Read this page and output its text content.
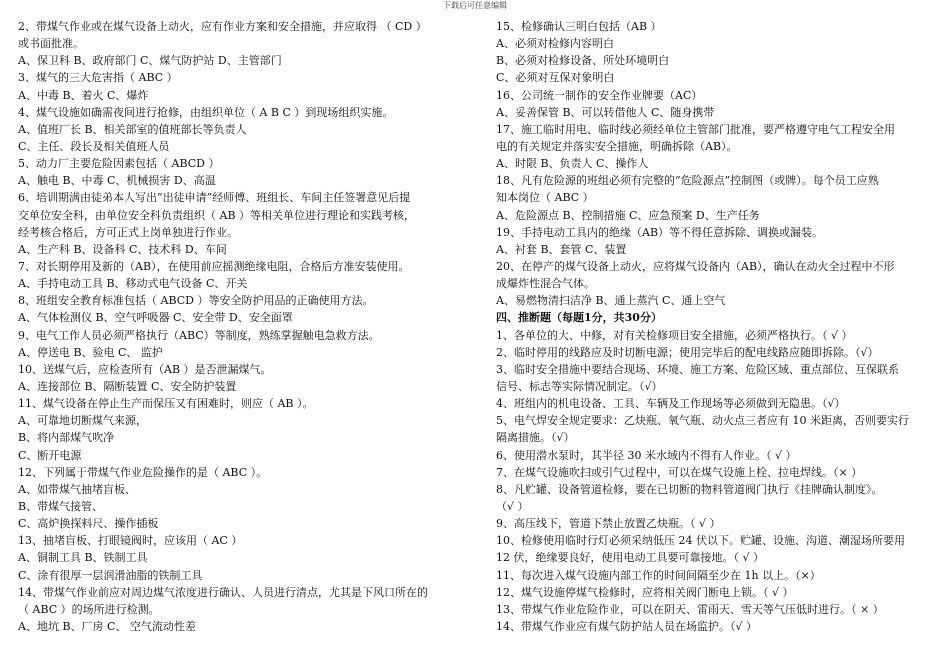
下载后可任意编辑
2、带煤气作业或在煤气设备上动火，应有作业方案和安全措施，并应取得 （ CD ）
或书面批准。
A、保卫科 B、政府部门 C、煤气防护站 D、主管部门
3、煤气的三大危害指（ ABC ）
A、中毒 B、着火 C、爆炸
4、煤气设施如确需夜间进行抢修，由组织单位（ A B C ）到现场组织实施。
A、值班厂长 B、相关部室的值班部长等负责人
C、主任、段长及相关值班人员
5、动力厂主要危险因素包括（ ABCD ）
A、触电 B、中毒 C、机械损害 D、高温
6、培训期满由徒弟本人写出“出徒申请”经师傅、班组长、车间主任签署意见后提
交单位安全科，由单位安全科负责组织（ AB ）等相关单位进行理论和实践考核，
经考核合格后，方可正式上岗单独进行作业。
A、生产科 B、设备科 C、技术科 D、车间
7、对长期停用及新的（AB），在使用前应摇测绝缘电阻，合格后方准安装使用。
A、手持电动工具 B、移动式电气设备 C、开关
8、班组安全教育标准包括（ ABCD ）等安全防护用品的正确使用方法。
A、气体检测仪 B、空气呼吸器 C、安全带 D、安全面罩
9、电气工作人员必须严格执行（ABC）等制度，熟练掌握触电急救方法。
A、停送电 B、验电 C、 监护
10、送煤气后，应检查所有（AB ）是否泄漏煤气。
A、连接部位 B、隔断装置 C、安全防护装置
11、煤气设备在停止生产而保压又有困难时，则应（ AB ）。
A、可靠地切断煤气来源，
B、将内部煤气吹净
C、断开电源
12、下列属于带煤气作业危险操作的是（ ABC ）。
A、如带煤气抽堵盲板、
B、带煤气接管、
C、高炉换探料尺、操作插板
13、抽堵盲板、打眼镜阀时，应该用（ AC ）
A、铜制工具 B、铁制工具
C、涂有很厚一层润滑油脂的铁制工具
14、带煤气作业前应对周边煤气浓度进行确认、人员进行清点，尤其是下风口所在的
（ ABC ）的场所进行检测。
A、地坑 B、厂房 C、 空气流动性差
15、检修确认三明白包括（AB ）
A、必须对检修内容明白
B、必须对检修设备、所处环境明白
C、必须对互保对象明白
16、公司统一制作的安全作业牌要（AC）
A、妥善保管 B、可以转借他人 C、随身携带
17、施工临时用电、临时线必须经单位主管部门批准，要严格遵守电气工程安全用
电的有关规定并落实安全措施，明确拆除（AB）。
A、时限 B、负责人 C、操作人
18、凡有危险源的班组必须有完整的“危险源点”控制图（或牌）。每个员工应熟
知本岗位（ ABC ）
A、危险源点 B、控制措施 C、应急预案 D、生产任务
19、手持电动工具内的绝缘（AB）等不得任意拆除、调换或漏装。
A、衬套 B、套管 C、装置
20、在停产的煤气设备上动火，应将煤气设备内（AB），确认在动火全过程中不形
成爆炸性混合气体。
A、易燃物清扫洁净 B、通上蒸汽 C、通上空气
四、推断题（每题1分，共30分）
1、各单位的大、中修，对有关检修项目安全措施，必须严格执行。（ √ ）
2、临时停用的线路应及时切断电源；使用完毕后的配电线路应随即拆除。（√）
3、临时安全措施中要结合现场、环境、施工方案、危险区域、重点部位、互保联系
信号、标志等实际情况制定。（√）
4、班组内的机电设备、工具、车辆及工作现场等必须做到无隐患。（√）
5、电气焊安全规定要求：乙炔瓶、氧气瓶、动火点三者应有 10 米距离，否则要实行
隔离措施。（√）
6、使用潜水泵时，其半径 30 米水域内不得有人作业。（ √ ）
7、在煤气设施吹扫或引气过程中，可以在煤气设施上栓、拉电焊线。（× ）
8、凡贮罐、设备管道检修，要在已切断的物料管道阀门执行《挂牌确认制度》。
（√ ）
9、高压线下，管道下禁止放置乙炔瓶。（ √ ）
10、检修使用临时行灯必须采纳低压 24 伏以下。贮罐、设施、沟道、潮湿场所要用
12 伏，绝缘要良好，使用电动工具要可靠接地。（ √ ）
11、每次进入煤气设施内部工作的时间间隔至少在 1h 以上。（×）
12、煤气设施停煤气检修时，应将相关阀门断电上锁。（ √ ）
13、带煤气作业危险作业，可以在阴天、雷雨天、雪天等气压低时进行。（ × ）
14、带煤气作业应有煤气防护站人员在场监护。（√ ）
